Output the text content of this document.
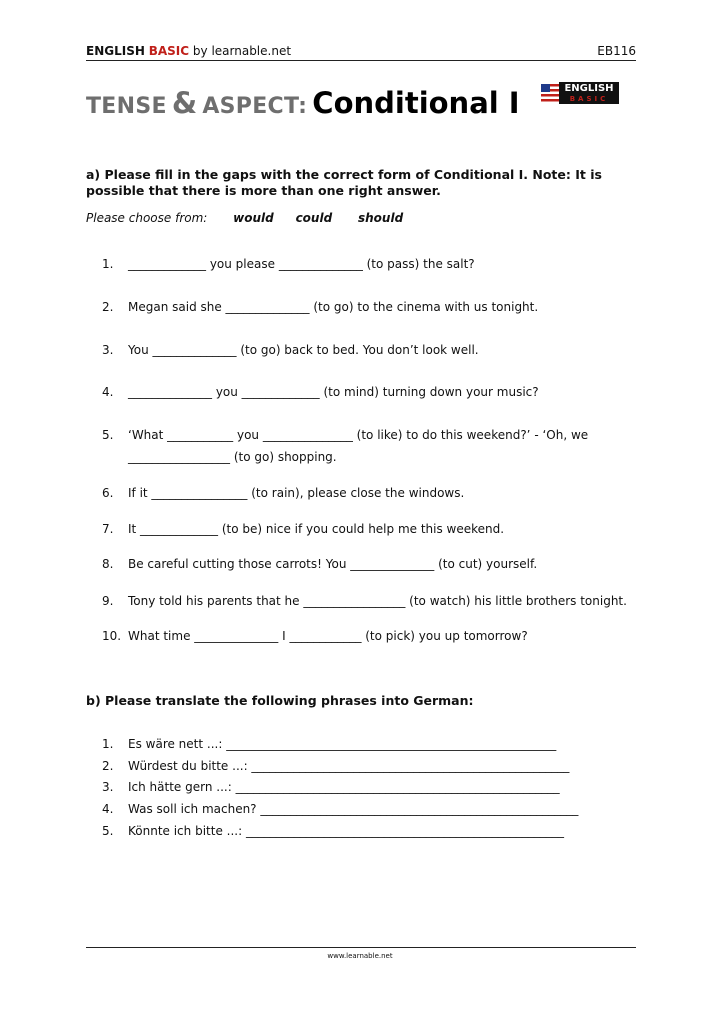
ENGLISH BASIC by learnable.net	EB116
TENSE & ASPECT: Conditional I	ENGLISH
BASIC
a) Please fill in the gaps with the correct form of Conditional I. Note: It is possible that there is more than one right answer.
Please choose from: would could should
1. _____________ you please ______________ (to pass) the salt?
2. Megan said she ______________ (to go) to the cinema with us tonight.
3. You ______________ (to go) back to bed. You don’t look well.
4. ______________ you _____________ (to mind) turning down your music?
5. ‘What ___________ you _______________ (to like) to do this weekend?’ - ‘Oh, we
_________________ (to go) shopping.
6. If it ________________ (to rain), please close the windows.
7. It _____________ (to be) nice if you could help me this weekend.
8. Be careful cutting those carrots! You ______________ (to cut) yourself.
9. Tony told his parents that he _________________ (to watch) his little brothers tonight.
10. What time ______________ I ____________ (to pick) you up tomorrow?
b) Please translate the following phrases into German:
1. Es wäre nett ...: _______________________________________________________
2. Würdest du bitte ...: _____________________________________________________
3. Ich hätte gern ...: ______________________________________________________
4. Was soll ich machen? _____________________________________________________
5. Könnte ich bitte ...: _____________________________________________________
www.learnable.net
